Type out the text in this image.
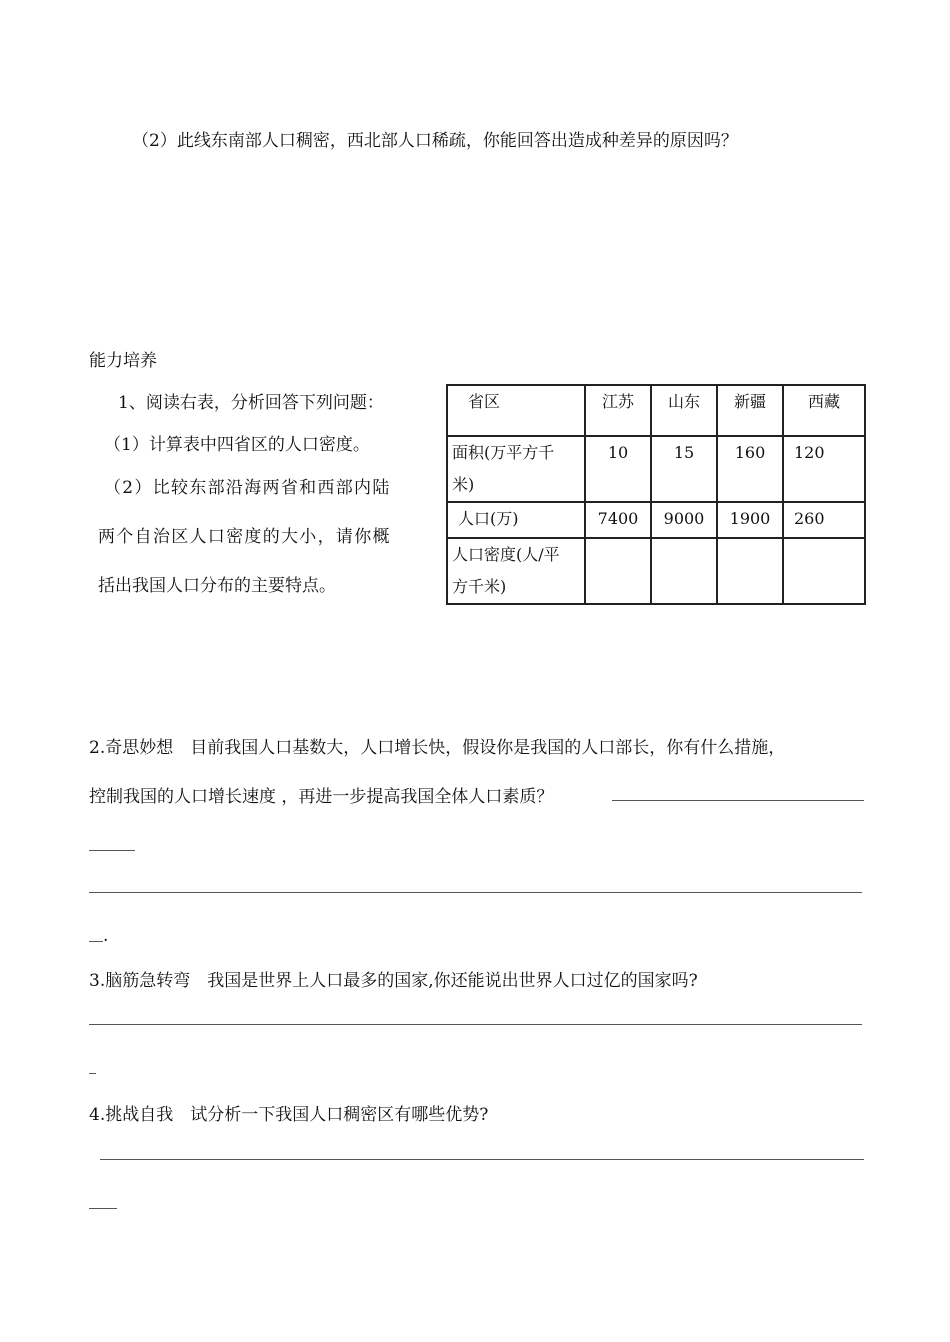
（2）此线东南部人口稠密，西北部人口稀疏，你能回答出造成种差异的原因吗？
能力培养
1、阅读右表，分析回答下列问题：
（1）计算表中四省区的人口密度。
（2）比较东部沿海两省和西部内陆
两个自治区人口密度的大小，请你概
括出我国人口分布的主要特点。
省区	江苏	山东	新疆	西藏
面积(万平方千米)	10	15	160	120
人口(万)	7400	9000	1900	260
人口密度(人/平方千米)				
2.奇思妙想　目前我国人口基数大，人口增长快，假设你是我国的人口部长，你有什么措施，
控制我国的人口增长速度 ，再进一步提高我国全体人口素质？
.
3.脑筋急转弯　我国是世界上人口最多的国家,你还能说出世界人口过亿的国家吗?
4.挑战自我　试分析一下我国人口稠密区有哪些优势?
